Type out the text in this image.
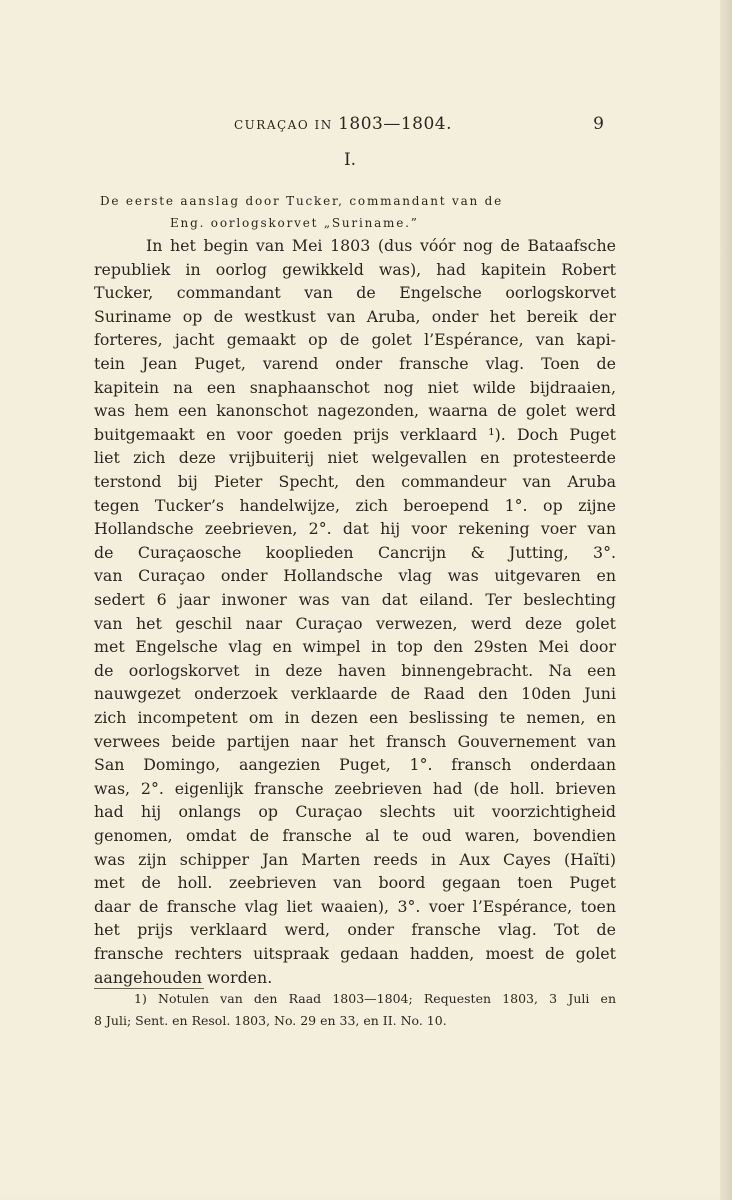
CURAÇAO IN 1803—1804.	9
I.
De eerste aanslag door Tucker, commandant van de
Eng. oorlogskorvet „Suriname.”
In het begin van Mei 1803 (dus vóór nog de Bataafsche
republiek in oorlog gewikkeld was), had kapitein Robert
Tucker, commandant van de Engelsche oorlogskorvet
Suriname op de westkust van Aruba, onder het bereik der
forteres, jacht gemaakt op de golet l’Espérance, van kapi-
tein Jean Puget, varend onder fransche vlag. Toen de
kapitein na een snaphaanschot nog niet wilde bijdraaien,
was hem een kanonschot nagezonden, waarna de golet werd
buitgemaakt en voor goeden prijs verklaard ¹). Doch Puget
liet zich deze vrijbuiterij niet welgevallen en protesteerde
terstond bij Pieter Specht, den commandeur van Aruba
tegen Tucker’s handelwijze, zich beroepend 1°. op zijne
Hollandsche zeebrieven, 2°. dat hij voor rekening voer van
de Curaçaosche kooplieden Cancrijn & Jutting, 3°.
van Curaçao onder Hollandsche vlag was uitgevaren en
sedert 6 jaar inwoner was van dat eiland. Ter beslechting
van het geschil naar Curaçao verwezen, werd deze golet
met Engelsche vlag en wimpel in top den 29sten Mei door
de oorlogskorvet in deze haven binnengebracht. Na een
nauwgezet onderzoek verklaarde de Raad den 10den Juni
zich incompetent om in dezen een beslissing te nemen, en
verwees beide partijen naar het fransch Gouvernement van
San Domingo, aangezien Puget, 1°. fransch onderdaan
was, 2°. eigenlijk fransche zeebrieven had (de holl. brieven
had hij onlangs op Curaçao slechts uit voorzichtigheid
genomen, omdat de fransche al te oud waren, bovendien
was zijn schipper Jan Marten reeds in Aux Cayes (Haïti)
met de holl. zeebrieven van boord gegaan toen Puget
daar de fransche vlag liet waaien), 3°. voer l’Espérance, toen
het prijs verklaard werd, onder fransche vlag. Tot de
fransche rechters uitspraak gedaan hadden, moest de golet
aangehouden worden.
1) Notulen van den Raad 1803—1804; Requesten 1803, 3 Juli en
8 Juli; Sent. en Resol. 1803, No. 29 en 33, en II. No. 10.
